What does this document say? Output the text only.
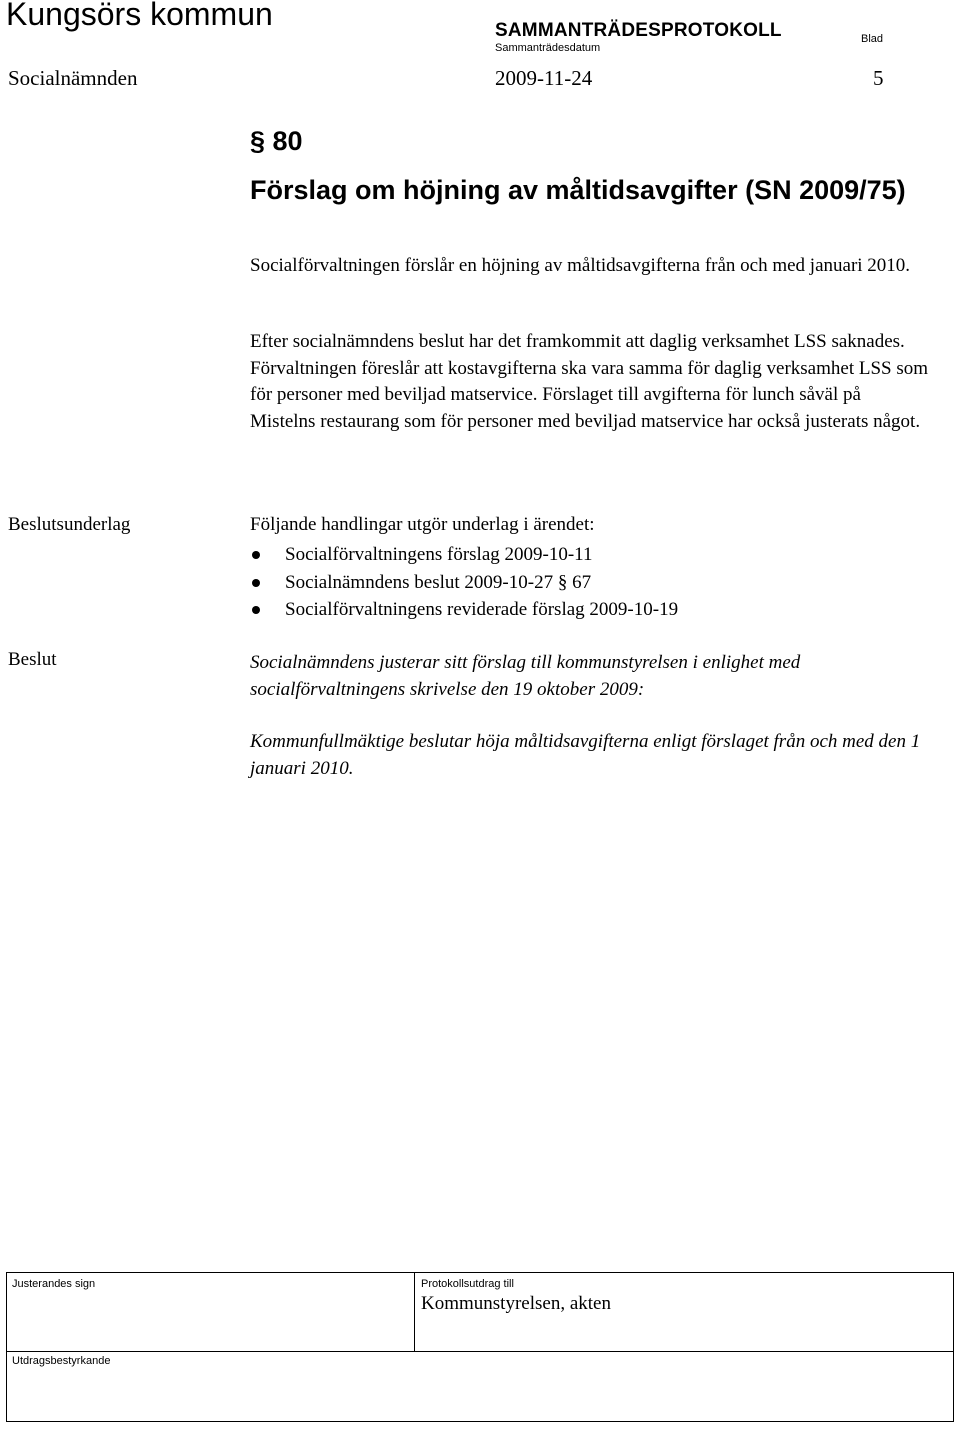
Kungsörs kommun	SAMMANTRÄDESPROTOKOLL
Sammanträdesdatum
Blad
Socialnämnden	2009-11-24	5
§ 80
Förslag om höjning av måltidsavgifter (SN 2009/75)
Socialförvaltningen förslår en höjning av måltidsavgifterna från och med januari 2010.
Efter socialnämndens beslut har det framkommit att daglig verksamhet LSS saknades. Förvaltningen föreslår att kostavgifterna ska vara samma för daglig verksamhet LSS som för personer med beviljad matservice. Förslaget till avgifterna för lunch såväl på Mistelns restaurang som för personer med beviljad matservice har också justerats något.
Beslutsunderlag	Följande handlingar utgör underlag i ärendet:
Socialförvaltningens förslag 2009-10-11
Socialnämndens beslut 2009-10-27 § 67
Socialförvaltningens reviderade förslag 2009-10-19
Beslut	Socialnämndens justerar sitt förslag till kommunstyrelsen i enlighet med socialförvaltningens skrivelse den 19 oktober 2009:
Kommunfullmäktige beslutar höja måltidsavgifterna enligt förslaget från och med den 1 januari 2010.
Justerandes sign	Protokollsutdrag till
Kommunstyrelsen, akten
Utdragsbestyrkande
